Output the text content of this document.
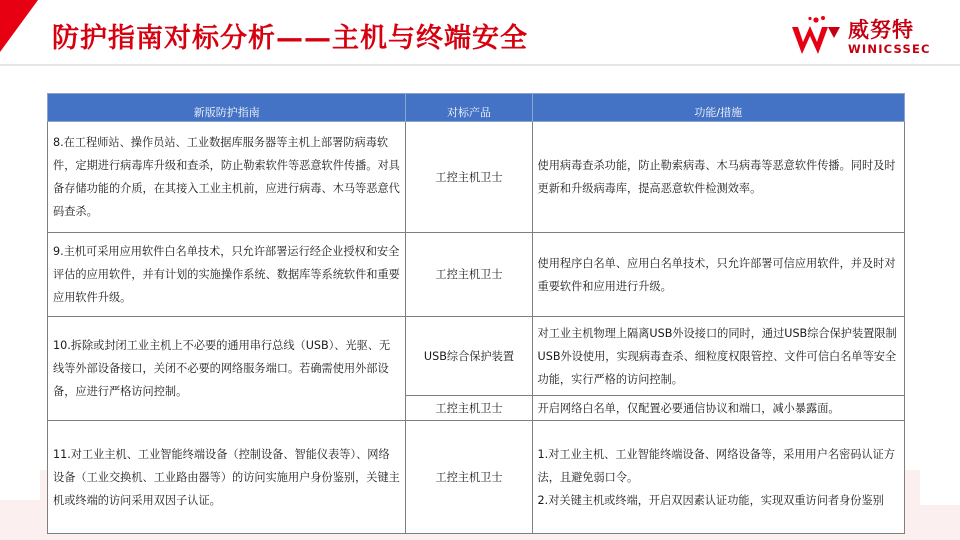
防护指南对标分析——主机与终端安全	威努特
WINICSSEC
新版防护指南	对标产品	功能/措施
8.在工程师站、操作员站、工业数据库服务器等主机上部署防病毒软件，定期进行病毒库升级和查杀，防止勒索软件等恶意软件传播。对具备存储功能的介质，在其接入工业主机前，应进行病毒、木马等恶意代码查杀。	工控主机卫士	使用病毒查杀功能，防止勒索病毒、木马病毒等恶意软件传播。同时及时更新和升级病毒库，提高恶意软件检测效率。
9.主机可采用应用软件白名单技术，只允许部署运行经企业授权和安全评估的应用软件，并有计划的实施操作系统、数据库等系统软件和重要应用软件升级。	工控主机卫士	使用程序白名单、应用白名单技术，只允许部署可信应用软件，并及时对重要软件和应用进行升级。
10.拆除或封闭工业主机上不必要的通用串行总线（USB）、光驱、无线等外部设备接口，关闭不必要的网络服务端口。若确需使用外部设备，应进行严格访问控制。	USB综合保护装置	对工业主机物理上隔离USB外设接口的同时，通过USB综合保护装置限制USB外设使用，实现病毒查杀、细粒度权限管控、文件可信白名单等安全功能，实行严格的访问控制。
	工控主机卫士	开启网络白名单，仅配置必要通信协议和端口，减小暴露面。
11.对工业主机、工业智能终端设备（控制设备、智能仪表等）、网络设备（工业交换机、工业路由器等）的访问实施用户身份鉴别，关键主机或终端的访问采用双因子认证。	工控主机卫士	1.对工业主机、工业智能终端设备、网络设备等，采用用户名密码认证方法，且避免弱口令。
2.对关键主机或终端，开启双因素认证功能，实现双重访问者身份鉴别
